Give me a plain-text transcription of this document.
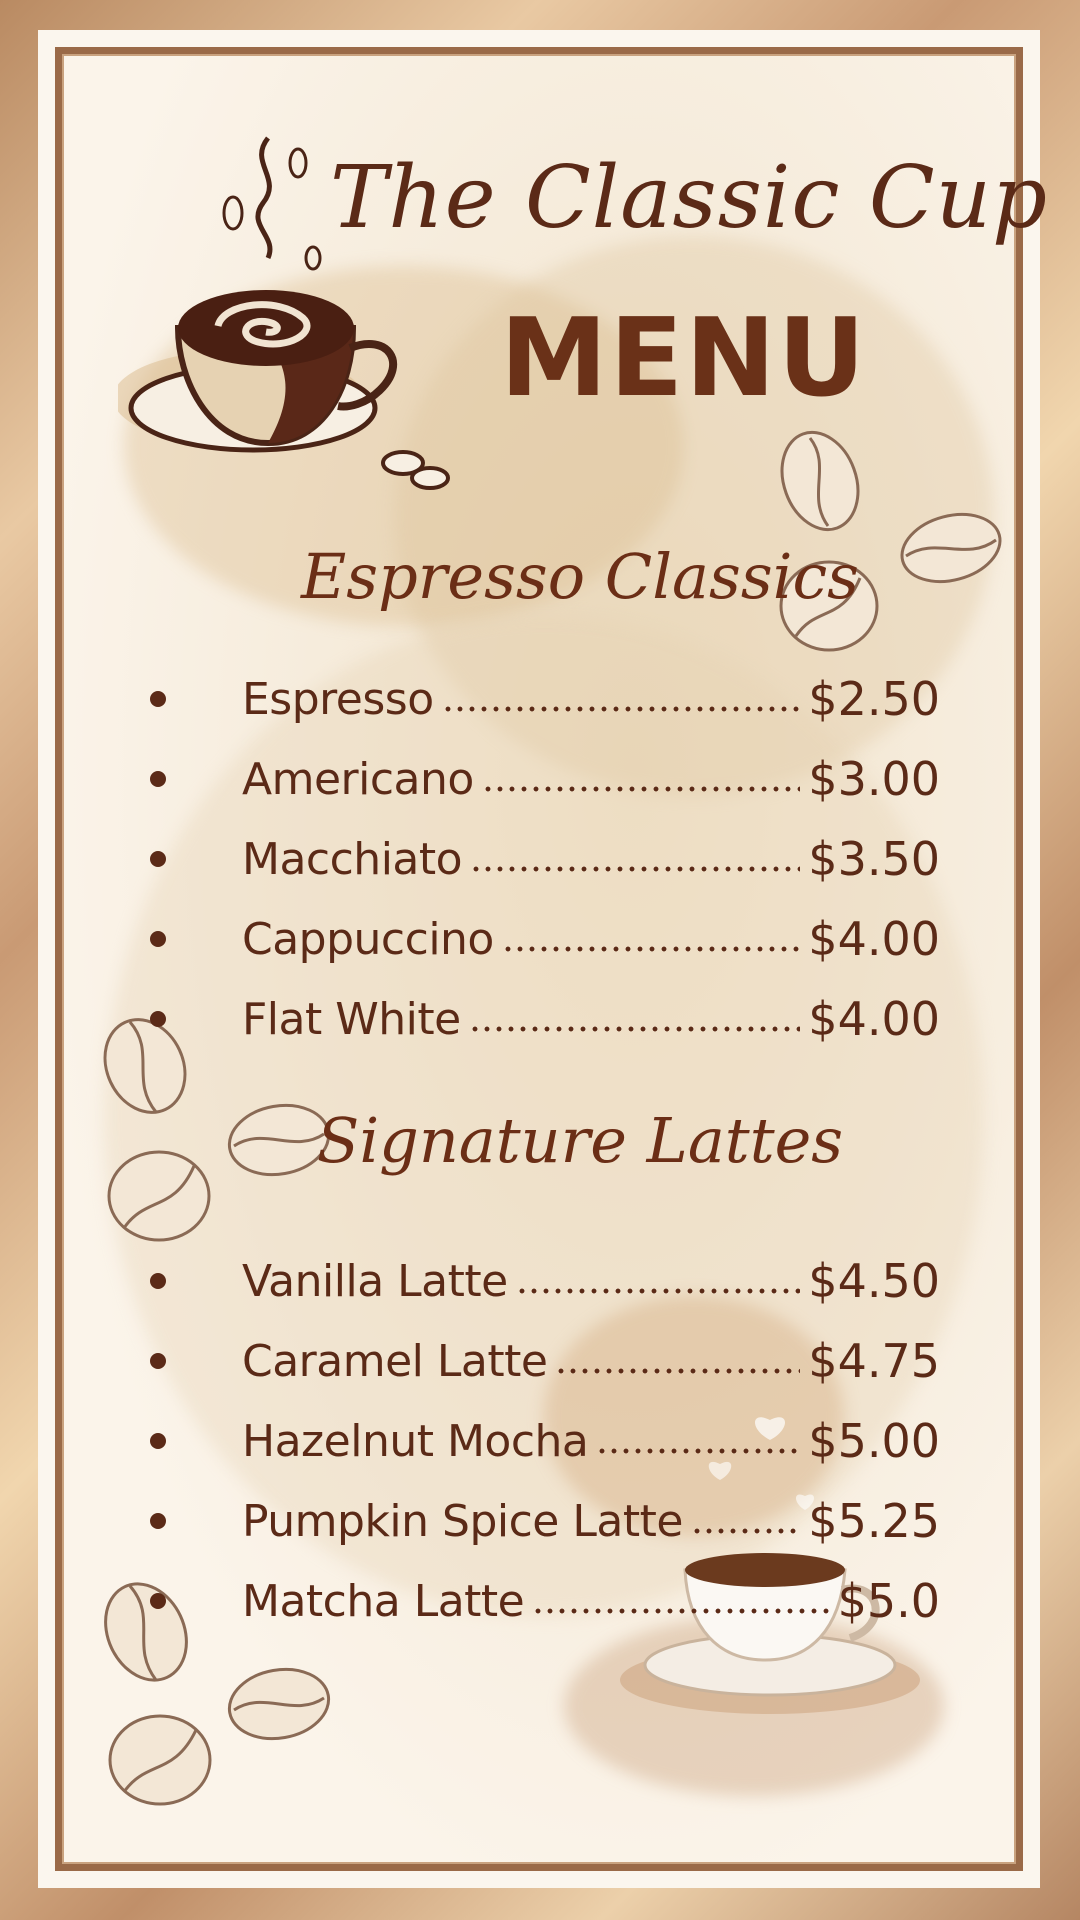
The Classic Cup
MENU
Espresso Classics
Espresso	$2.50
Americano	$3.00
Macchiato	$3.50
Cappuccino	$4.00
Flat White	$4.00
Signature Lattes
Vanilla Latte	$4.50
Caramel Latte	$4.75
Hazelnut Mocha	$5.00
Pumpkin Spice Latte	$5.25
Matcha Latte	$5.0
